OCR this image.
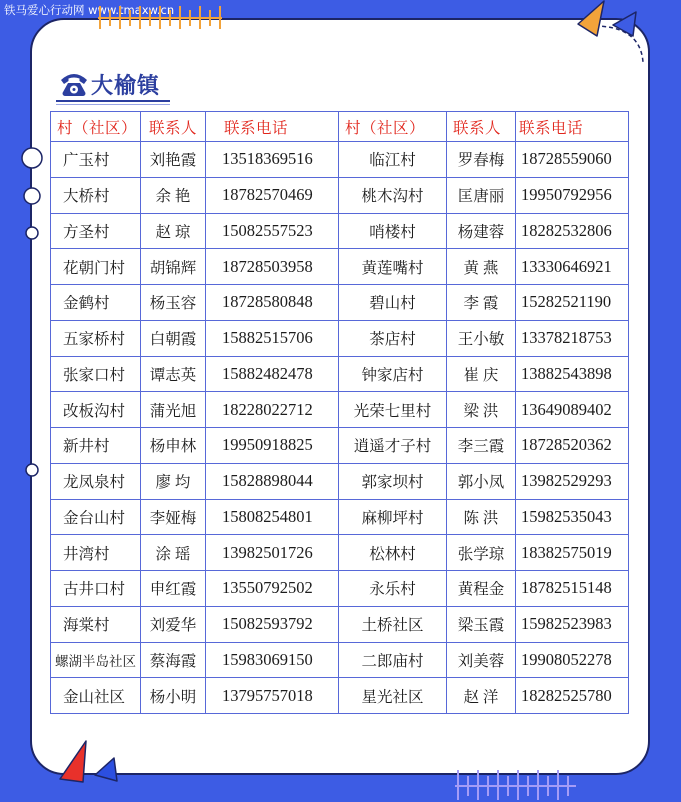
铁马爱心行动网 www.tmaxw.cn
大榆镇
村（社区）	联系人	联系电话	村（社区）	联系人	联系电话
广玉村	刘艳霞	13518369516	临江村	罗春梅	18728559060
大桥村	余 艳	18782570469	桃木沟村	匡唐丽	19950792956
方圣村	赵 琼	15082557523	哨楼村	杨建蓉	18282532806
花朝门村	胡锦辉	18728503958	黄莲嘴村	黄 燕	13330646921
金鹤村	杨玉容	18728580848	碧山村	李 霞	15282521190
五家桥村	白朝霞	15882515706	茶店村	王小敏	13378218753
张家口村	谭志英	15882482478	钟家店村	崔 庆	13882543898
改板沟村	蒲光旭	18228022712	光荣七里村	梁 洪	13649089402
新井村	杨申林	19950918825	逍遥才子村	李三霞	18728520362
龙凤泉村	廖 均	15828898044	郭家坝村	郭小凤	13982529293
金台山村	李娅梅	15808254801	麻柳坪村	陈 洪	15982535043
井湾村	涂 瑶	13982501726	松林村	张学琼	18382575019
古井口村	申红霞	13550792502	永乐村	黄程金	18782515148
海棠村	刘爱华	15082593792	土桥社区	梁玉霞	15982523983
螺湖半岛社区	蔡海霞	15983069150	二郎庙村	刘美蓉	19908052278
金山社区	杨小明	13795757018	星光社区	赵 洋	18282525780
